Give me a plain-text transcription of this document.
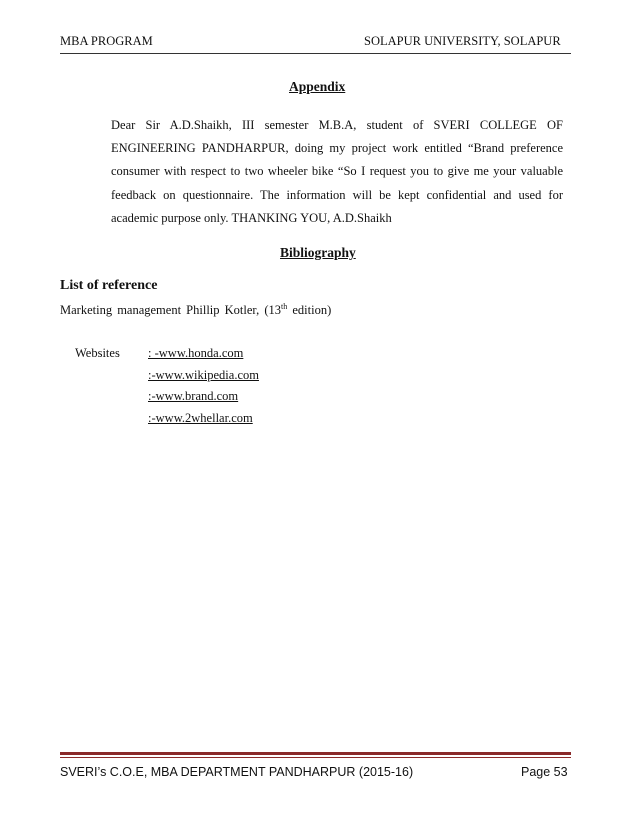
MBA PROGRAM	SOLAPUR UNIVERSITY, SOLAPUR
Appendix

Dear Sir A.D.Shaikh, III semester M.B.A, student of SVERI COLLEGE OF ENGINEERING PANDHARPUR, doing my project work entitled “Brand preference consumer with respect to two wheeler bike “So I request you to give me your valuable feedback on questionnaire. The information will be kept confidential and used for academic purpose only. THANKING YOU, A.D.Shaikh

Bibliography
List of reference
Marketing management Phillip Kotler, (13th edition)
Websites : -www.honda.com
:-www.wikipedia.com
:-www.brand.com
:-www.2whellar.com
SVERI’s C.O.E, MBA DEPARTMENT PANDHARPUR (2015-16)	Page 53
